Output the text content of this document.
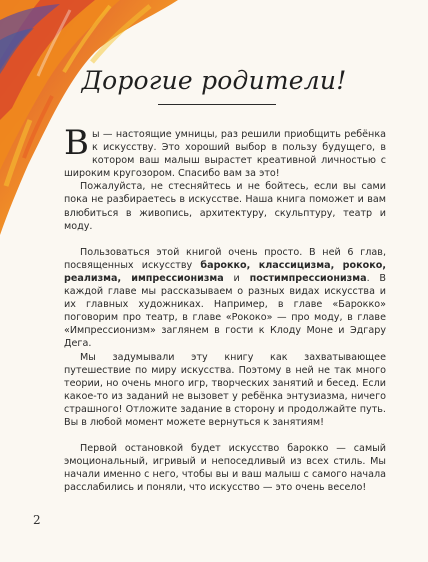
Дорогие родители!

Вы — настоящие умницы, раз решили приобщить ребёнка к искусству. Это хороший выбор в пользу будущего, в котором ваш малыш вырастет креативной личностью с широким кругозором. Спасибо вам за это!

Пожалуйста, не стесняйтесь и не бойтесь, если вы сами пока не разбираетесь в искусстве. Наша книга поможет и вам влюбиться в живопись, архитектуру, скульптуру, театр и моду.

Пользоваться этой книгой очень просто. В ней 6 глав, посвященных искусству барокко, классицизма, рококо, реализма, импрессионизма и постимпрессионизма. В каждой главе мы рассказываем о разных видах искусства и их главных художниках. Например, в главе «Барокко» поговорим про театр, в главе «Рококо» — про моду, в главе «Импрессионизм» заглянем в гости к Клоду Моне и Эдгару Дега.

Мы задумывали эту книгу как захватывающее путешествие по миру искусства. Поэтому в ней не так много теории, но очень много игр, творческих занятий и бесед. Если какое-то из заданий не вызовет у ребёнка энтузиазма, ничего страшного! Отложите задание в сторону и продолжайте путь. Вы в любой момент можете вернуться к занятиям!

Первой остановкой будет искусство барокко — самый эмоциональный, игривый и непоседливый из всех стиль. Мы начали именно с него, чтобы вы и ваш малыш с самого начала расслабились и поняли, что искусство — это очень весело!

2
